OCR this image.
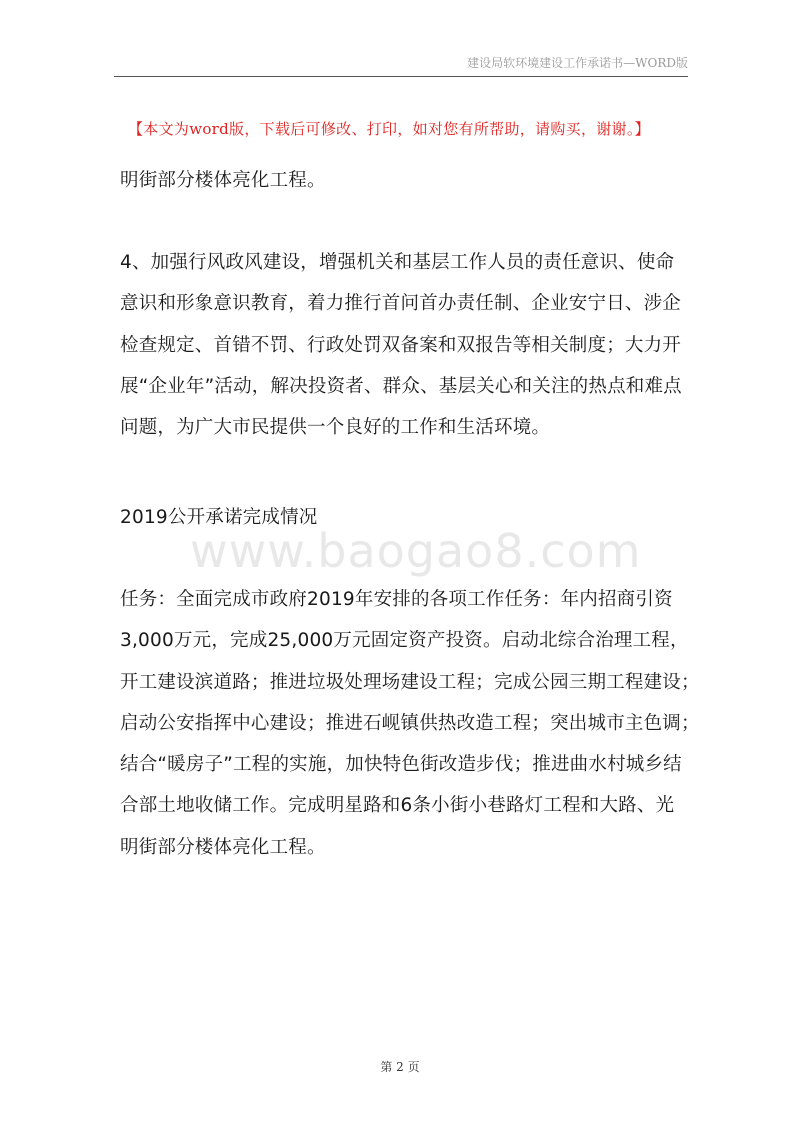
建设局软环境建设工作承诺书—WORD版
【本文为word版，下载后可修改、打印，如对您有所帮助，请购买，谢谢。】
明街部分楼体亮化工程。
4、加强行风政风建设，增强机关和基层工作人员的责任意识、使命
意识和形象意识教育，着力推行首问首办责任制、企业安宁日、涉企
检查规定、首错不罚、行政处罚双备案和双报告等相关制度；大力开
展“企业年”活动，解决投资者、群众、基层关心和关注的热点和难点
问题，为广大市民提供一个良好的工作和生活环境。
2019公开承诺完成情况
www.baogao8.com
任务：全面完成市政府2019年安排的各项工作任务：年内招商引资
3,000万元，完成25,000万元固定资产投资。启动北综合治理工程，
开工建设滨道路；推进垃圾处理场建设工程；完成公园三期工程建设；
启动公安指挥中心建设；推进石岘镇供热改造工程；突出城市主色调；
结合“暖房子”工程的实施，加快特色街改造步伐；推进曲水村城乡结
合部土地收储工作。完成明星路和6条小街小巷路灯工程和大路、光
明街部分楼体亮化工程。
第 2 页
